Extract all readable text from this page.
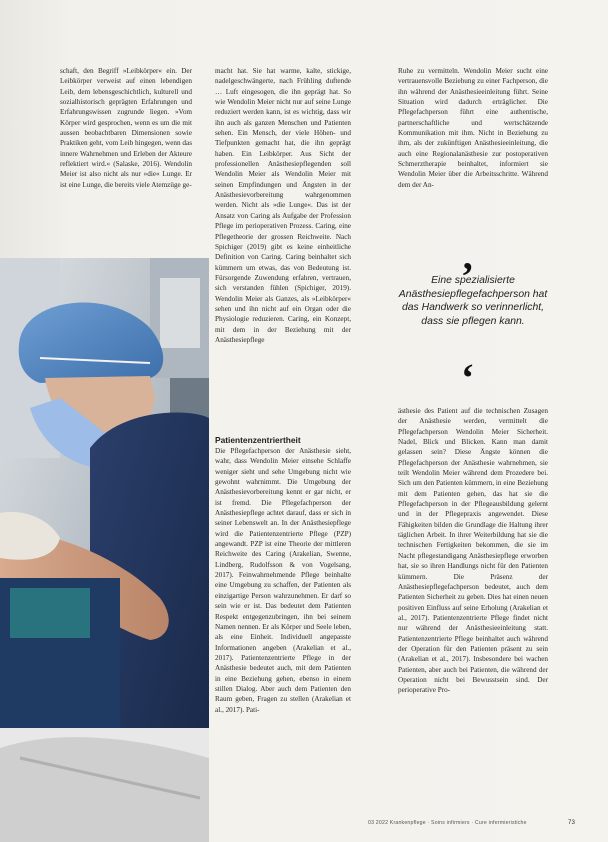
schaft, den Begriff »Leibkörper« ein. Der Leibkörper verweist auf einen lebendigen Leib, dem lebensgeschichtlich, kulturell und sozialhistorisch geprägten Erfahrungen und Erfahrungswissen zugrunde liegen. »Vom Körper wird gesprochen, wenn es um die mit aussen beobachtbaren Dimensionen sowie Praktiken geht, vom Leib hingegen, wenn das innere Wahrnehmen und Erleben der Akteure reflektiert wird.« (Salaske, 2016). Wendolin Meier ist also nicht als nur »die« Lunge. Er ist eine Lunge, die bereits viele Atemzüge ge-

macht hat. Sie hat warme, kalte, stickige, nadelgeschwängerte, nach Frühling duftende … Luft eingesogen, die ihn geprägt hat. So wie Wendolin Meier nicht nur auf seine Lunge reduziert werden kann, ist es wichtig, dass wir ihn auch als ganzen Menschen und Patienten sehen. Ein Mensch, der viele Höhen- und Tiefpunkten gemacht hat, die ihn geprägt haben. Ein Leibkörper. Aus Sicht der professionellen Anästhesiepflegenden soll Wendolin Meier als Wendolin Meier mit seinen Empfindungen und Ängsten in der Anästhesievorbereitung wahrgenommen werden. Nicht als »die Lunge«. Das ist der Ansatz von Caring als Aufgabe der Profession Pflege im perioperativen Prozess. Caring, eine Pflegetheorie der grossen Reichweite. Nach Spichiger (2019) gibt es keine einheitliche Definition von Caring. Caring beinhaltet sich kümmern um etwas, das von Bedeutung ist. Fürsorgende Zuwendung erfahren, vertrauen, sich verstanden fühlen (Spichiger, 2019). Wendolin Meier als Ganzes, als »Leibkörper« sehen und ihn nicht auf ein Organ oder die Physiologie reduzieren. Caring, ein Konzept, mit dem in der Beziehung mit der Anästhesiepflege

Patientenzentriertheit

Die Pflegefachperson der Anästhesie sieht, wahr, dass Wendolin Meier einsehe Schlaffe weniger sieht und sehe Umgebung nicht wie gewohnt wahrnimmt. Die Umgebung der Anästhesievorbereitung kennt er gar nicht, er ist fremd. Die Pflegefachperson der Anästhesiepflege achtet darauf, dass er sich in seiner Lebenswelt an. In der Anästhesiepflege wird die Patientenzentrierte Pflege (PZP) angewandt. PZP ist eine Theorie der mittleren Reichweite des Caring (Arakelian, Swenne, Lindberg, Rudolfsson & von Vogelsang, 2017). Feinwahrnehmende Pflege beinhalte eine Umgebung zu schaffen, der Patienten als einzigartige Person wahrzunehmen. Er darf so sein wie er ist. Das bedeutet dem Patienten Respekt entgegenzubringen, ihn bei seinem Namen nennen. Er als Körper und Seele leben, als eine Einheit. Individuell angepasste Informationen angeben (Arakelian et al., 2017). Patientenzentrierte Pflege in der Anästhesie bedeutet auch, mit dem Patienten in eine Beziehung gehen, ebenso in einem stillen Dialog. Aber auch dem Patienten den Raum geben, Fragen zu stellen (Arakelian et al., 2017). Pati-

Ruhe zu vermitteln. Wendolin Meier sucht eine vertrauensvolle Beziehung zu einer Fachperson, die ihn während der Anästhesieeinleitung führt. Seine Situation wird dadurch erträglicher. Die Pflegefachperson führt eine authentische, partnerschaftliche und wertschätzende Kommunikation mit ihm. Nicht in Beziehung zu ihm, als der zukünftigen Anästhesieeinleitung, die auch eine Regionalanästhesie zur postoperativen Schmerztherapie beinhaltet, informiert sie Wendolin Meier über die Arbeitsschritte. Während dem der An-

‚
Eine spezialisierte Anästhesiepflegefachperson hat das Handwerk so verinnerlicht, dass sie pflegen kann.
‘

ästhesie des Patient auf die technischen Zusagen der Anästhesie werden, vermittelt die Pflegefachperson Wendolin Meier Sicherheit. Nadel, Blick und Blicken. Kann man damit gelassen sein? Diese Ängste können die Pflegefachperson der Anästhesie wahrnehmen, sie teilt Wendolin Meier während dem Prozedere bei. Sich um den Patienten kümmern, in eine Beziehung mit dem Patienten gehen, das hat sie die Pflegefachperson in der Pflegeausbildung gelernt und in der Pflegepraxis angewendet. Diese Fähigkeiten bilden die Grundlage die Haltung ihrer täglichen Arbeit. In ihrer Weiterbildung hat sie die technischen Fertigkeiten bekommen, die sie im Nacht pflegestandigang Anästhesiepflege erworben hat, sie so ihren Handlungs nicht für den Patienten kümmern. Die Präsenz der Anästhesiepflegefachperson bedeutet, auch dem Patienten Sicherheit zu geben. Dies hat einen neuen positiven Einfluss auf seine Erholung (Arakelian et al., 2017). Patientenzentrierte Pflege findet nicht nur während der Anästhesieeinleitung statt. Patientenzentrierte Pflege beinhaltet auch während der Operation für den Patienten präsent zu sein (Arakelian et al., 2017). Insbesondere bei wachen Patienten, aber auch bei Patienten, die während der Operation nicht bei Bewusstsein sind. Der perioperative Pro-

03 2022 Krankenpflege · Soins infirmiers · Cure infermieristiche	73
